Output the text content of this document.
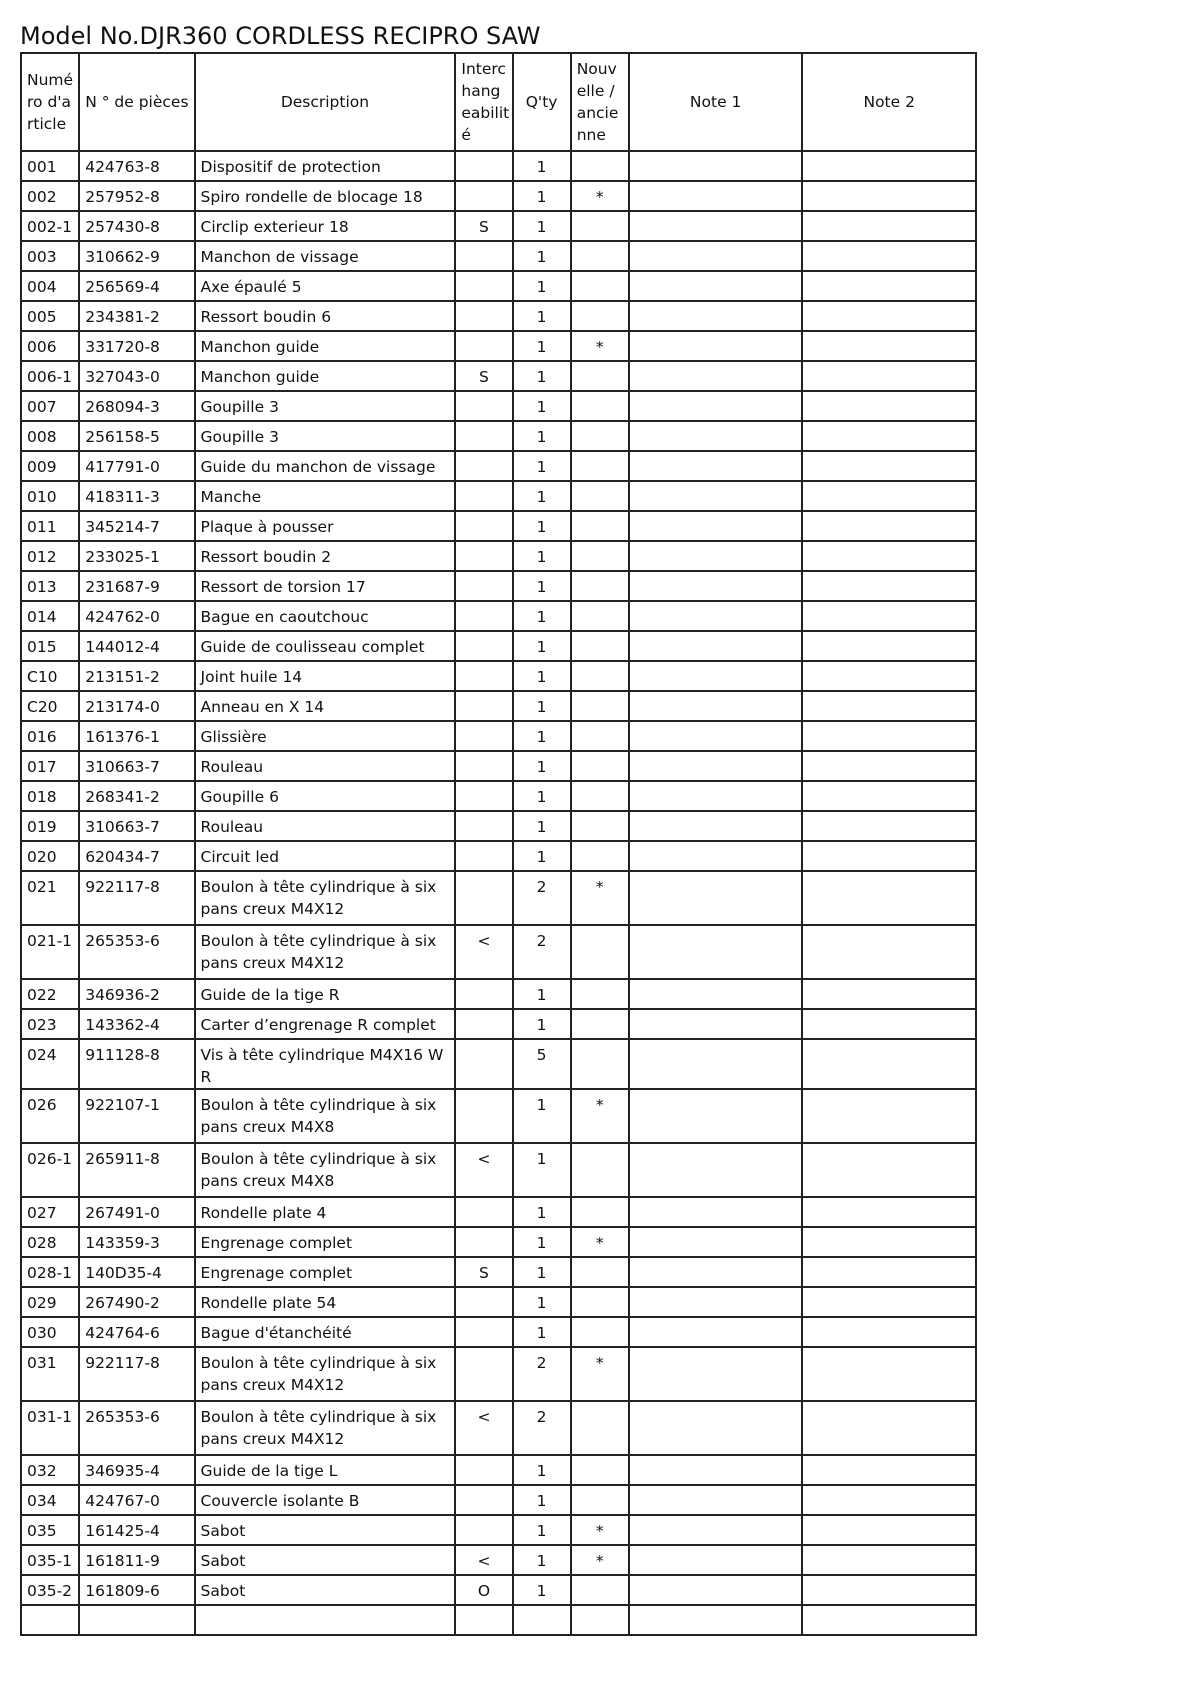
Model No.DJR360 CORDLESS RECIPRO SAW
Numé ro d'a rticle	N ° de pièces	Description	Interc hang eabilit é	Q'ty	Nouv elle / ancie nne	Note 1	Note 2
001	424763-8	Dispositif de protection		1			
002	257952-8	Spiro rondelle de blocage 18		1	*		
002-1	257430-8	Circlip exterieur 18	S	1			
003	310662-9	Manchon de vissage		1			
004	256569-4	Axe épaulé 5		1			
005	234381-2	Ressort boudin 6		1			
006	331720-8	Manchon guide		1	*		
006-1	327043-0	Manchon guide	S	1			
007	268094-3	Goupille 3		1			
008	256158-5	Goupille 3		1			
009	417791-0	Guide du manchon de vissage		1			
010	418311-3	Manche		1			
011	345214-7	Plaque à pousser		1			
012	233025-1	Ressort boudin 2		1			
013	231687-9	Ressort de torsion 17		1			
014	424762-0	Bague en caoutchouc		1			
015	144012-4	Guide de coulisseau complet		1			
C10	213151-2	Joint huile 14		1			
C20	213174-0	Anneau en X 14		1			
016	161376-1	Glissière		1			
017	310663-7	Rouleau		1			
018	268341-2	Goupille 6		1			
019	310663-7	Rouleau		1			
020	620434-7	Circuit led		1			
021	922117-8	Boulon à tête cylindrique à six pans creux M4X12		2	*		
021-1	265353-6	Boulon à tête cylindrique à six pans creux M4X12	<	2			
022	346936-2	Guide de la tige R		1			
023	143362-4	Carter d’engrenage R complet		1			
024	911128-8	Vis à tête cylindrique M4X16 WR		5			
026	922107-1	Boulon à tête cylindrique à six pans creux M4X8		1	*		
026-1	265911-8	Boulon à tête cylindrique à six pans creux M4X8	<	1			
027	267491-0	Rondelle plate 4		1			
028	143359-3	Engrenage complet		1	*		
028-1	140D35-4	Engrenage complet	S	1			
029	267490-2	Rondelle plate 54		1			
030	424764-6	Bague d'étanchéité		1			
031	922117-8	Boulon à tête cylindrique à six pans creux M4X12		2	*		
031-1	265353-6	Boulon à tête cylindrique à six pans creux M4X12	<	2			
032	346935-4	Guide de la tige L		1			
034	424767-0	Couvercle isolante B		1			
035	161425-4	Sabot		1	*		
035-1	161811-9	Sabot	<	1	*		
035-2	161809-6	Sabot	O	1			
